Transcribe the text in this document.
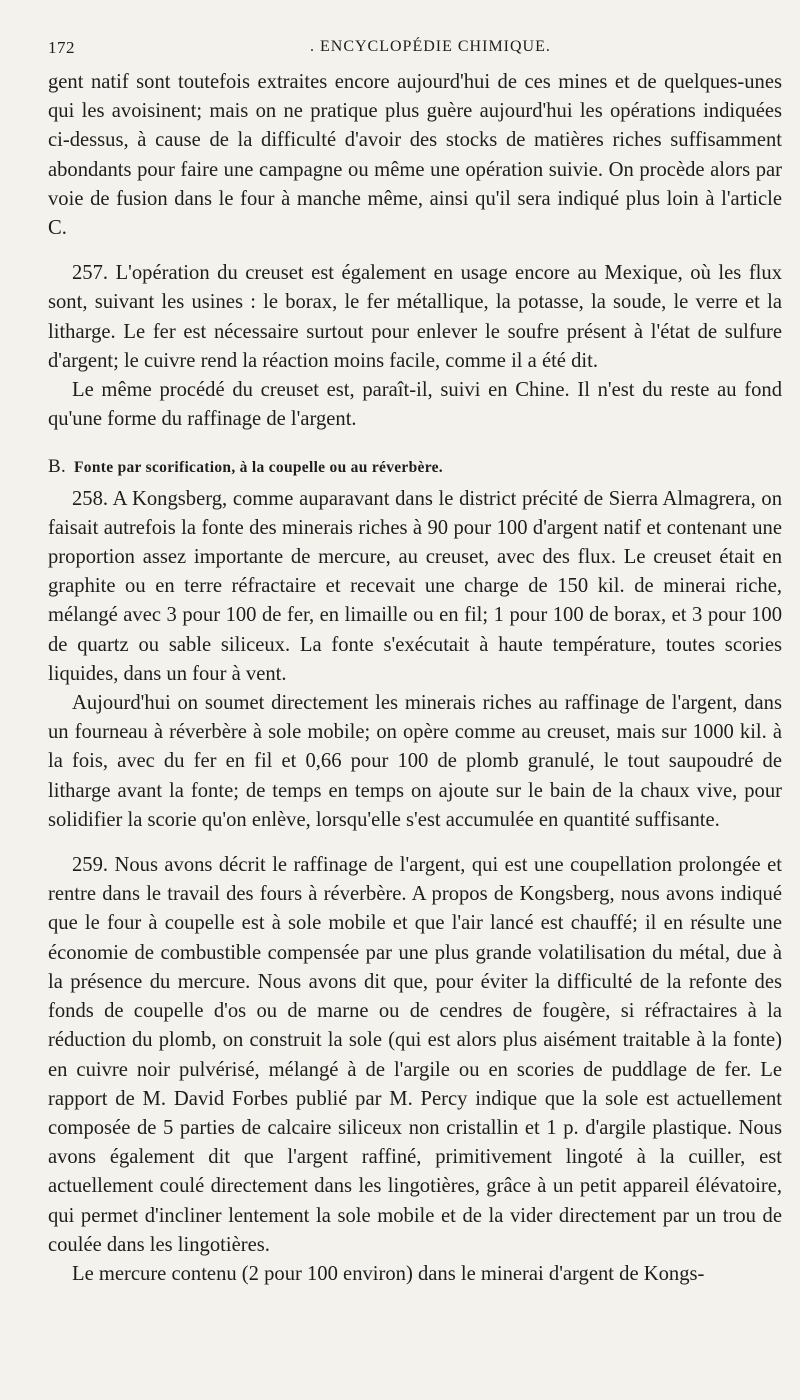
172	. ENCYCLOPÉDIE CHIMIQUE.

gent natif sont toutefois extraites encore aujourd'hui de ces mines et de quelques-unes qui les avoisinent; mais on ne pratique plus guère aujourd'hui les opérations indiquées ci-dessus, à cause de la difficulté d'avoir des stocks de matières riches suffisamment abondants pour faire une campagne ou même une opération suivie. On procède alors par voie de fusion dans le four à manche même, ainsi qu'il sera indiqué plus loin à l'article C.

257. L'opération du creuset est également en usage encore au Mexique, où les flux sont, suivant les usines : le borax, le fer métallique, la potasse, la soude, le verre et la litharge. Le fer est nécessaire surtout pour enlever le soufre présent à l'état de sulfure d'argent; le cuivre rend la réaction moins facile, comme il a été dit.

Le même procédé du creuset est, paraît-il, suivi en Chine. Il n'est du reste au fond qu'une forme du raffinage de l'argent.

B. Fonte par scorification, à la coupelle ou au réverbère.

258. A Kongsberg, comme auparavant dans le district précité de Sierra Almagrera, on faisait autrefois la fonte des minerais riches à 90 pour 100 d'argent natif et contenant une proportion assez importante de mercure, au creuset, avec des flux. Le creuset était en graphite ou en terre réfractaire et recevait une charge de 150 kil. de minerai riche, mélangé avec 3 pour 100 de fer, en limaille ou en fil; 1 pour 100 de borax, et 3 pour 100 de quartz ou sable siliceux. La fonte s'exécutait à haute température, toutes scories liquides, dans un four à vent.

Aujourd'hui on soumet directement les minerais riches au raffinage de l'argent, dans un fourneau à réverbère à sole mobile; on opère comme au creuset, mais sur 1000 kil. à la fois, avec du fer en fil et 0,66 pour 100 de plomb granulé, le tout saupoudré de litharge avant la fonte; de temps en temps on ajoute sur le bain de la chaux vive, pour solidifier la scorie qu'on enlève, lorsqu'elle s'est accumulée en quantité suffisante.

259. Nous avons décrit le raffinage de l'argent, qui est une coupellation prolongée et rentre dans le travail des fours à réverbère. A propos de Kongsberg, nous avons indiqué que le four à coupelle est à sole mobile et que l'air lancé est chauffé; il en résulte une économie de combustible compensée par une plus grande volatilisation du métal, due à la présence du mercure. Nous avons dit que, pour éviter la difficulté de la refonte des fonds de coupelle d'os ou de marne ou de cendres de fougère, si réfractaires à la réduction du plomb, on construit la sole (qui est alors plus aisément traitable à la fonte) en cuivre noir pulvérisé, mélangé à de l'argile ou en scories de puddlage de fer. Le rapport de M. David Forbes publié par M. Percy indique que la sole est actuellement composée de 5 parties de calcaire siliceux non cristallin et 1 p. d'argile plastique. Nous avons également dit que l'argent raffiné, primitivement lingoté à la cuiller, est actuellement coulé directement dans les lingotières, grâce à un petit appareil élévatoire, qui permet d'incliner lentement la sole mobile et de la vider directement par un trou de coulée dans les lingotières.

Le mercure contenu (2 pour 100 environ) dans le minerai d'argent de Kongs-
